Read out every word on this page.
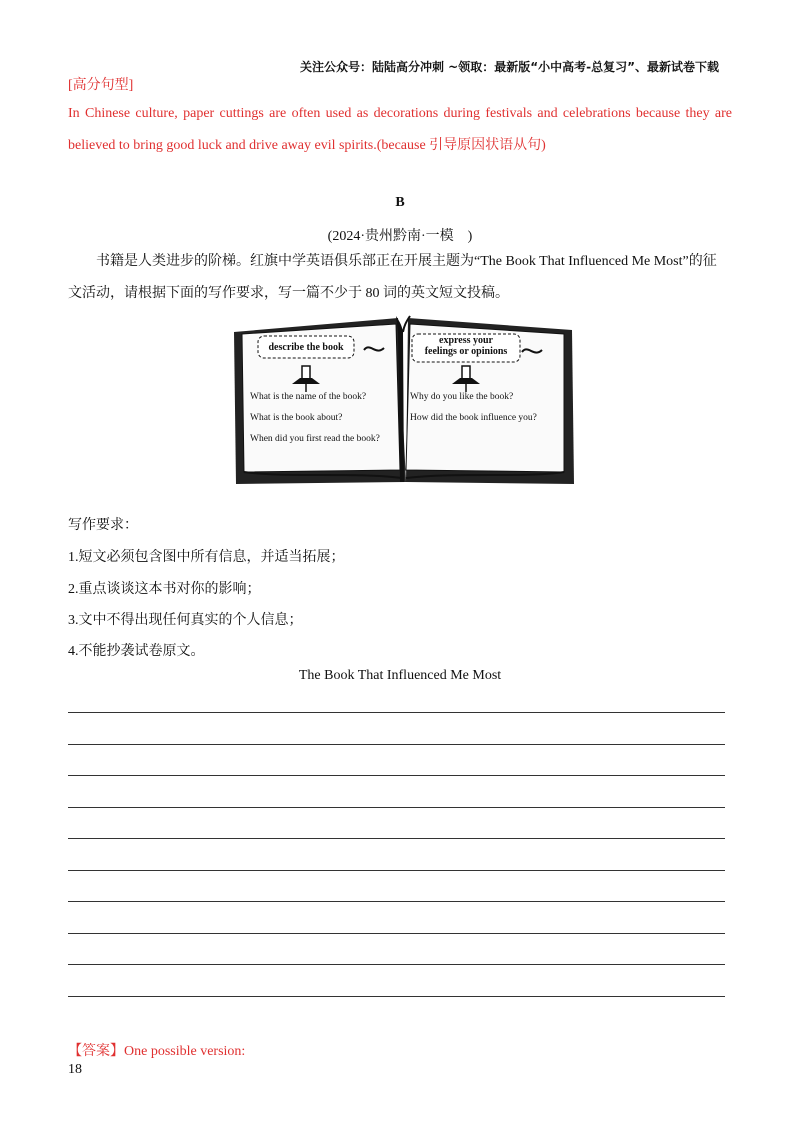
关注公众号：陆陆高分冲刺 ~领取：最新版“小中高考-总复习”、最新试卷下载
[高分句型]
In Chinese culture, paper cuttings are often used as decorations during festivals and celebrations because they are
believed to bring good luck and drive away evil spirits.(because 引导原因状语从句)
B
(2024·贵州黔南·一模　)
书籍是人类进步的阶梯。红旗中学英语俱乐部正在开展主题为“The Book That Influenced Me Most”的征
文活动，请根据下面的写作要求，写一篇不少于 80 词的英文短文投稿。
describe the book
express your
feelings or opinions
What is the name of the book?
What is the book about?
When did you first read the book?
Why do you like the book?
How did the book influence you?
写作要求：
1.短文必须包含图中所有信息，并适当拓展；
2.重点谈谈这本书对你的影响；
3.文中不得出现任何真实的个人信息；
4.不能抄袭试卷原文。
The Book That Influenced Me Most
【答案】One possible version:
18
